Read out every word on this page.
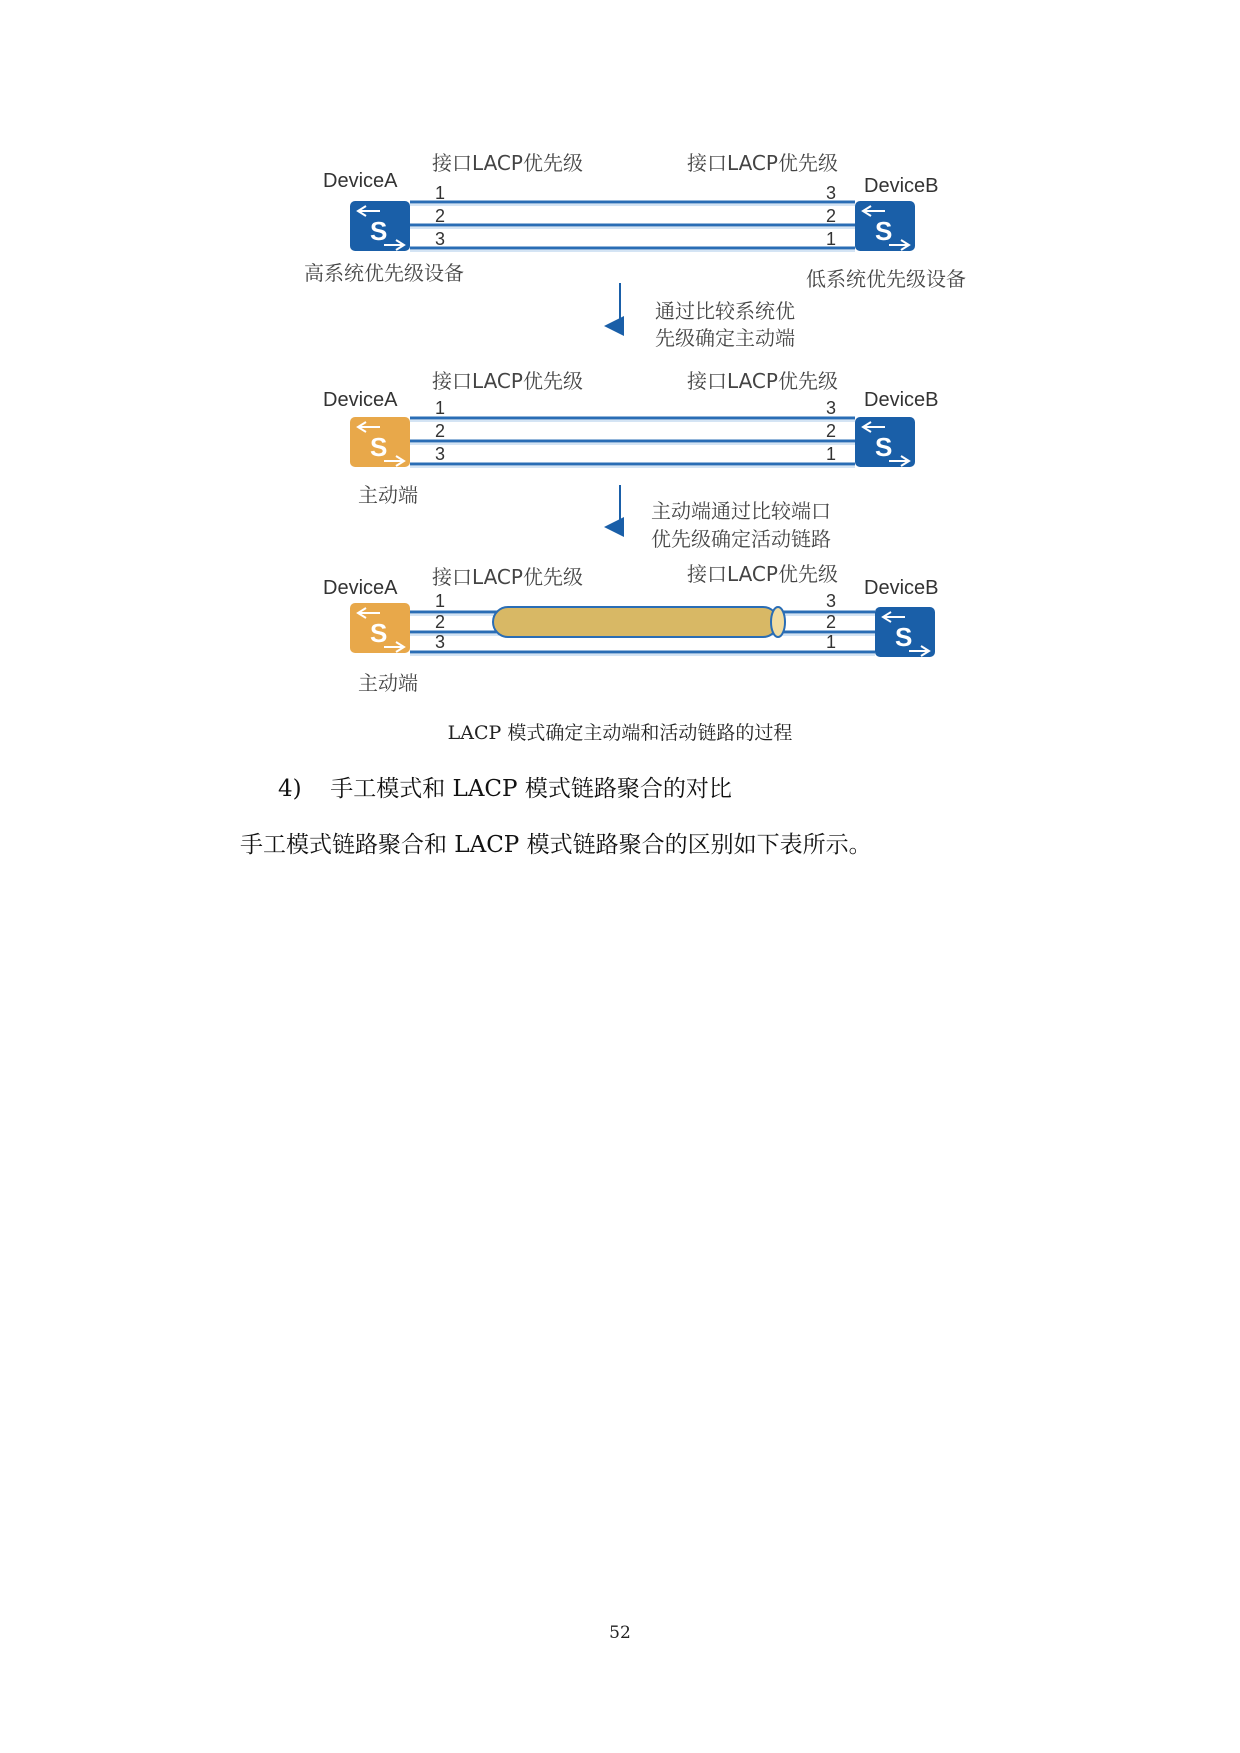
DeviceA	DeviceB
接口LACP优先级	接口LACP优先级
1
2
3
3
2
1
S	S
高系统优先级设备	低系统优先级设备
通过比较系统优
先级确定主动端
DeviceA	DeviceB
接口LACP优先级	接口LACP优先级
1
2
3
3
2
1
S	S
主动端
主动端通过比较端口
优先级确定活动链路
DeviceA	DeviceB
接口LACP优先级	接口LACP优先级
1
2
3
3
2
1
S	S
主动端
LACP 模式确定主动端和活动链路的过程
4) 手工模式和 LACP 模式链路聚合的对比
手工模式链路聚合和 LACP 模式链路聚合的区别如下表所示。
52
